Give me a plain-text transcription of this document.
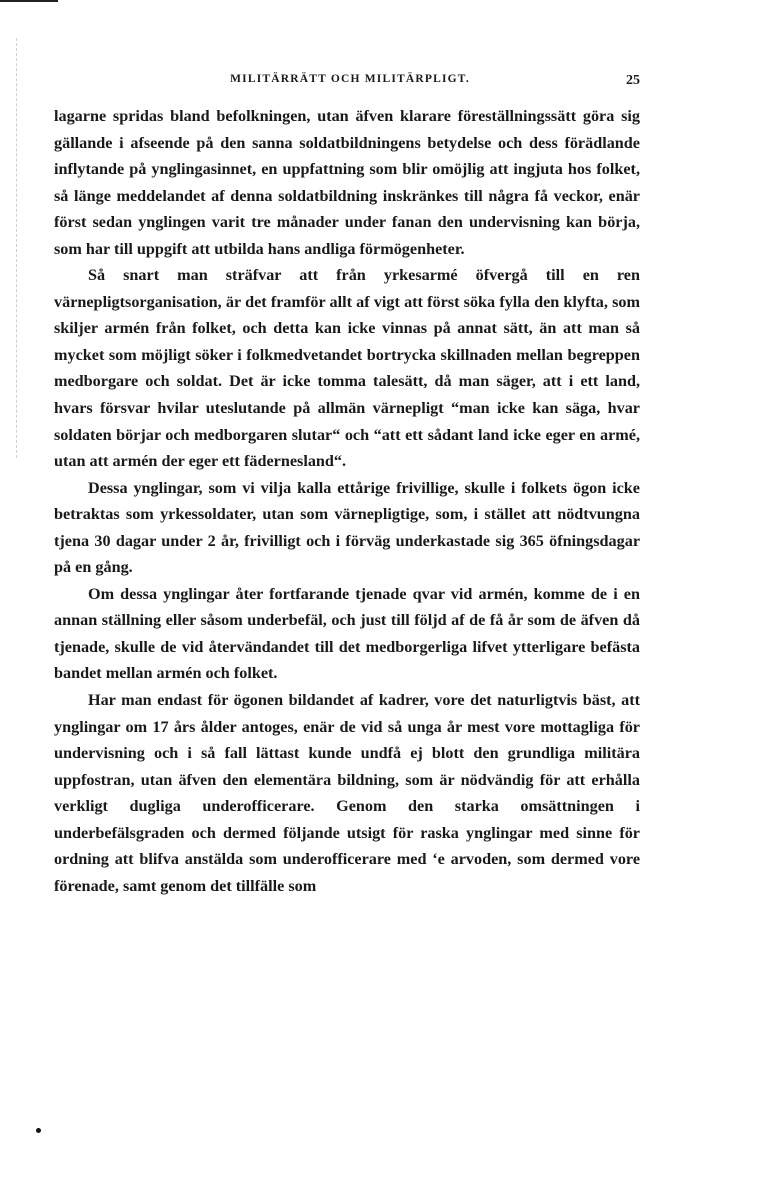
MILITÄRRÄTT OCH MILITÄRPLIGT.	25

lagarne spridas bland befolkningen, utan äfven klarare föreställningssätt göra sig gällande i afseende på den sanna soldatbildningens betydelse och dess förädlande inflytande på ynglingasinnet, en uppfattning som blir omöjlig att ingjuta hos folket, så länge meddelandet af denna soldatbildning inskränkes till några få veckor, enär först sedan ynglingen varit tre månader under fanan den undervisning kan börja, som har till uppgift att utbilda hans andliga förmögenheter.

Så snart man sträfvar att från yrkesarmé öfvergå till en ren värnepligtsorganisation, är det framför allt af vigt att först söka fylla den klyfta, som skiljer armén från folket, och detta kan icke vinnas på annat sätt, än att man så mycket som möjligt söker i folkmedvetandet bortrycka skillnaden mellan begreppen medborgare och soldat. Det är icke tomma talesätt, då man säger, att i ett land, hvars försvar hvilar uteslutande på allmän värnepligt “man icke kan säga, hvar soldaten börjar och medborgaren slutar“ och “att ett sådant land icke eger en armé, utan att armén der eger ett fädernesland“.

Dessa ynglingar, som vi vilja kalla ettårige frivillige, skulle i folkets ögon icke betraktas som yrkessoldater, utan som värnepligtige, som, i stället att nödtvungna tjena 30 dagar under 2 år, frivilligt och i förväg underkastade sig 365 öfningsdagar på en gång.

Om dessa ynglingar åter fortfarande tjenade qvar vid armén, komme de i en annan ställning eller såsom underbefäl, och just till följd af de få år som de äfven då tjenade, skulle de vid återvändandet till det medborgerliga lifvet ytterligare befästa bandet mellan armén och folket.

Har man endast för ögonen bildandet af kadrer, vore det naturligtvis bäst, att ynglingar om 17 års ålder antoges, enär de vid så unga år mest vore mottagliga för undervisning och i så fall lättast kunde undfå ej blott den grundliga militära uppfostran, utan äfven den elementära bildning, som är nödvändig för att erhålla verkligt dugliga underofficerare. Genom den starka omsättningen i underbefälsgraden och dermed följande utsigt för raska ynglingar med sinne för ordning att blifva anstälda som underofficerare med ‘e arvoden, som dermed vore förenade, samt genom det tillfälle som
